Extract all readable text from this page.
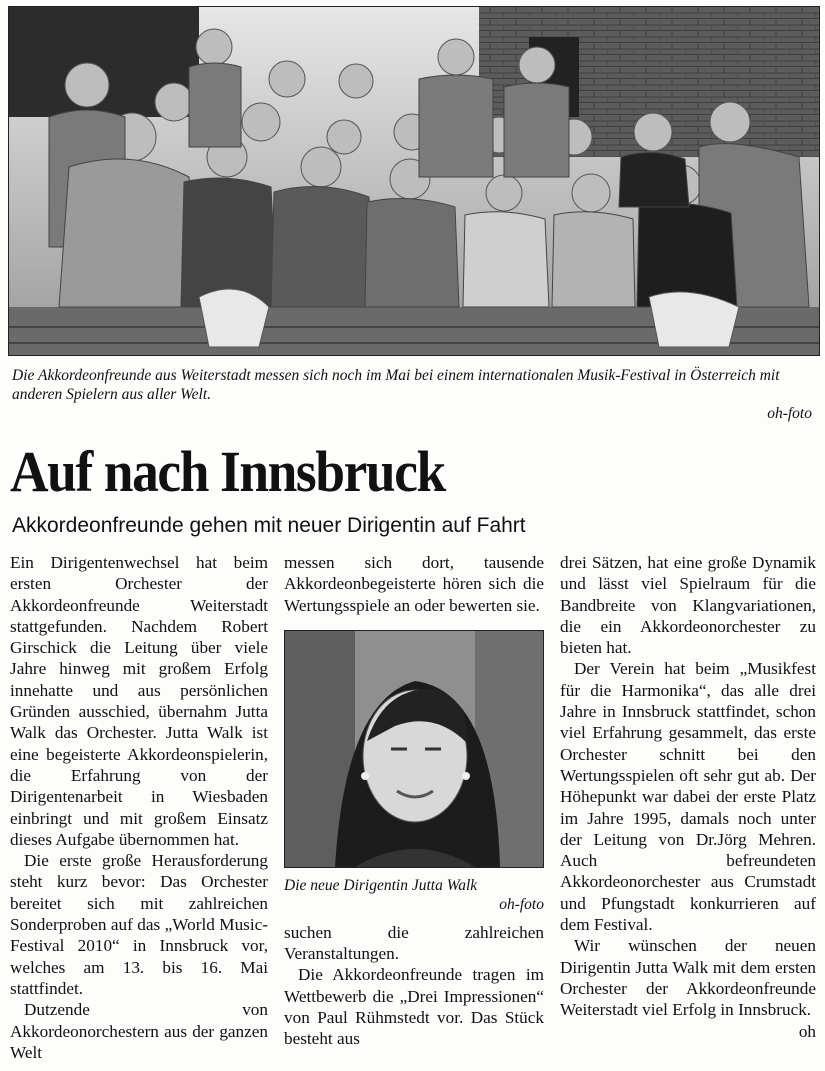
Die Akkordeonfreunde aus Weiterstadt messen sich noch im Mai bei einem internationalen Musik-Festival in Österreich mit anderen Spielern aus aller Welt.
oh-foto
Auf nach Innsbruck
Akkordeonfreunde gehen mit neuer Dirigentin auf Fahrt

Ein Dirigentenwechsel hat beim ersten Orchester der Akkordeonfreunde Weiterstadt stattgefunden. Nachdem Robert Girschick die Leitung über viele Jahre hinweg mit großem Erfolg innehatte und aus persönlichen Gründen ausschied, übernahm Jutta Walk das Orchester. Jutta Walk ist eine begeisterte Akkordeonspielerin, die Erfahrung von der Dirigentenarbeit in Wiesbaden einbringt und mit großem Einsatz dieses Aufgabe übernommen hat.

Die erste große Herausforderung steht kurz bevor: Das Orchester bereitet sich mit zahlreichen Sonderproben auf das „World Music-Festival 2010“ in Innsbruck vor, welches am 13. bis 16. Mai stattfindet.

Dutzende von Akkordeonorchestern aus der ganzen Welt

messen sich dort, tausende Akkordeonbegeisterte hören sich die Wertungsspiele an oder bewerten sie.

Die neue Dirigentin Jutta Walk
oh-foto

suchen die zahlreichen Veranstaltungen.

Die Akkordeonfreunde tragen im Wettbewerb die „Drei Impressionen“ von Paul Rühmstedt vor. Das Stück besteht aus

drei Sätzen, hat eine große Dynamik und lässt viel Spielraum für die Bandbreite von Klangvariationen, die ein Akkordeonorchester zu bieten hat.

Der Verein hat beim „Musikfest für die Harmonika“, das alle drei Jahre in Innsbruck stattfindet, schon viel Erfahrung gesammelt, das erste Orchester schnitt bei den Wertungsspielen oft sehr gut ab. Der Höhepunkt war dabei der erste Platz im Jahre 1995, damals noch unter der Leitung von Dr.Jörg Mehren. Auch befreundeten Akkordeonorchester aus Crumstadt und Pfungstadt konkurrieren auf dem Festival.

Wir wünschen der neuen Dirigentin Jutta Walk mit dem ersten Orchester der Akkordeonfreunde Weiterstadt viel Erfolg in Innsbruck.
oh
